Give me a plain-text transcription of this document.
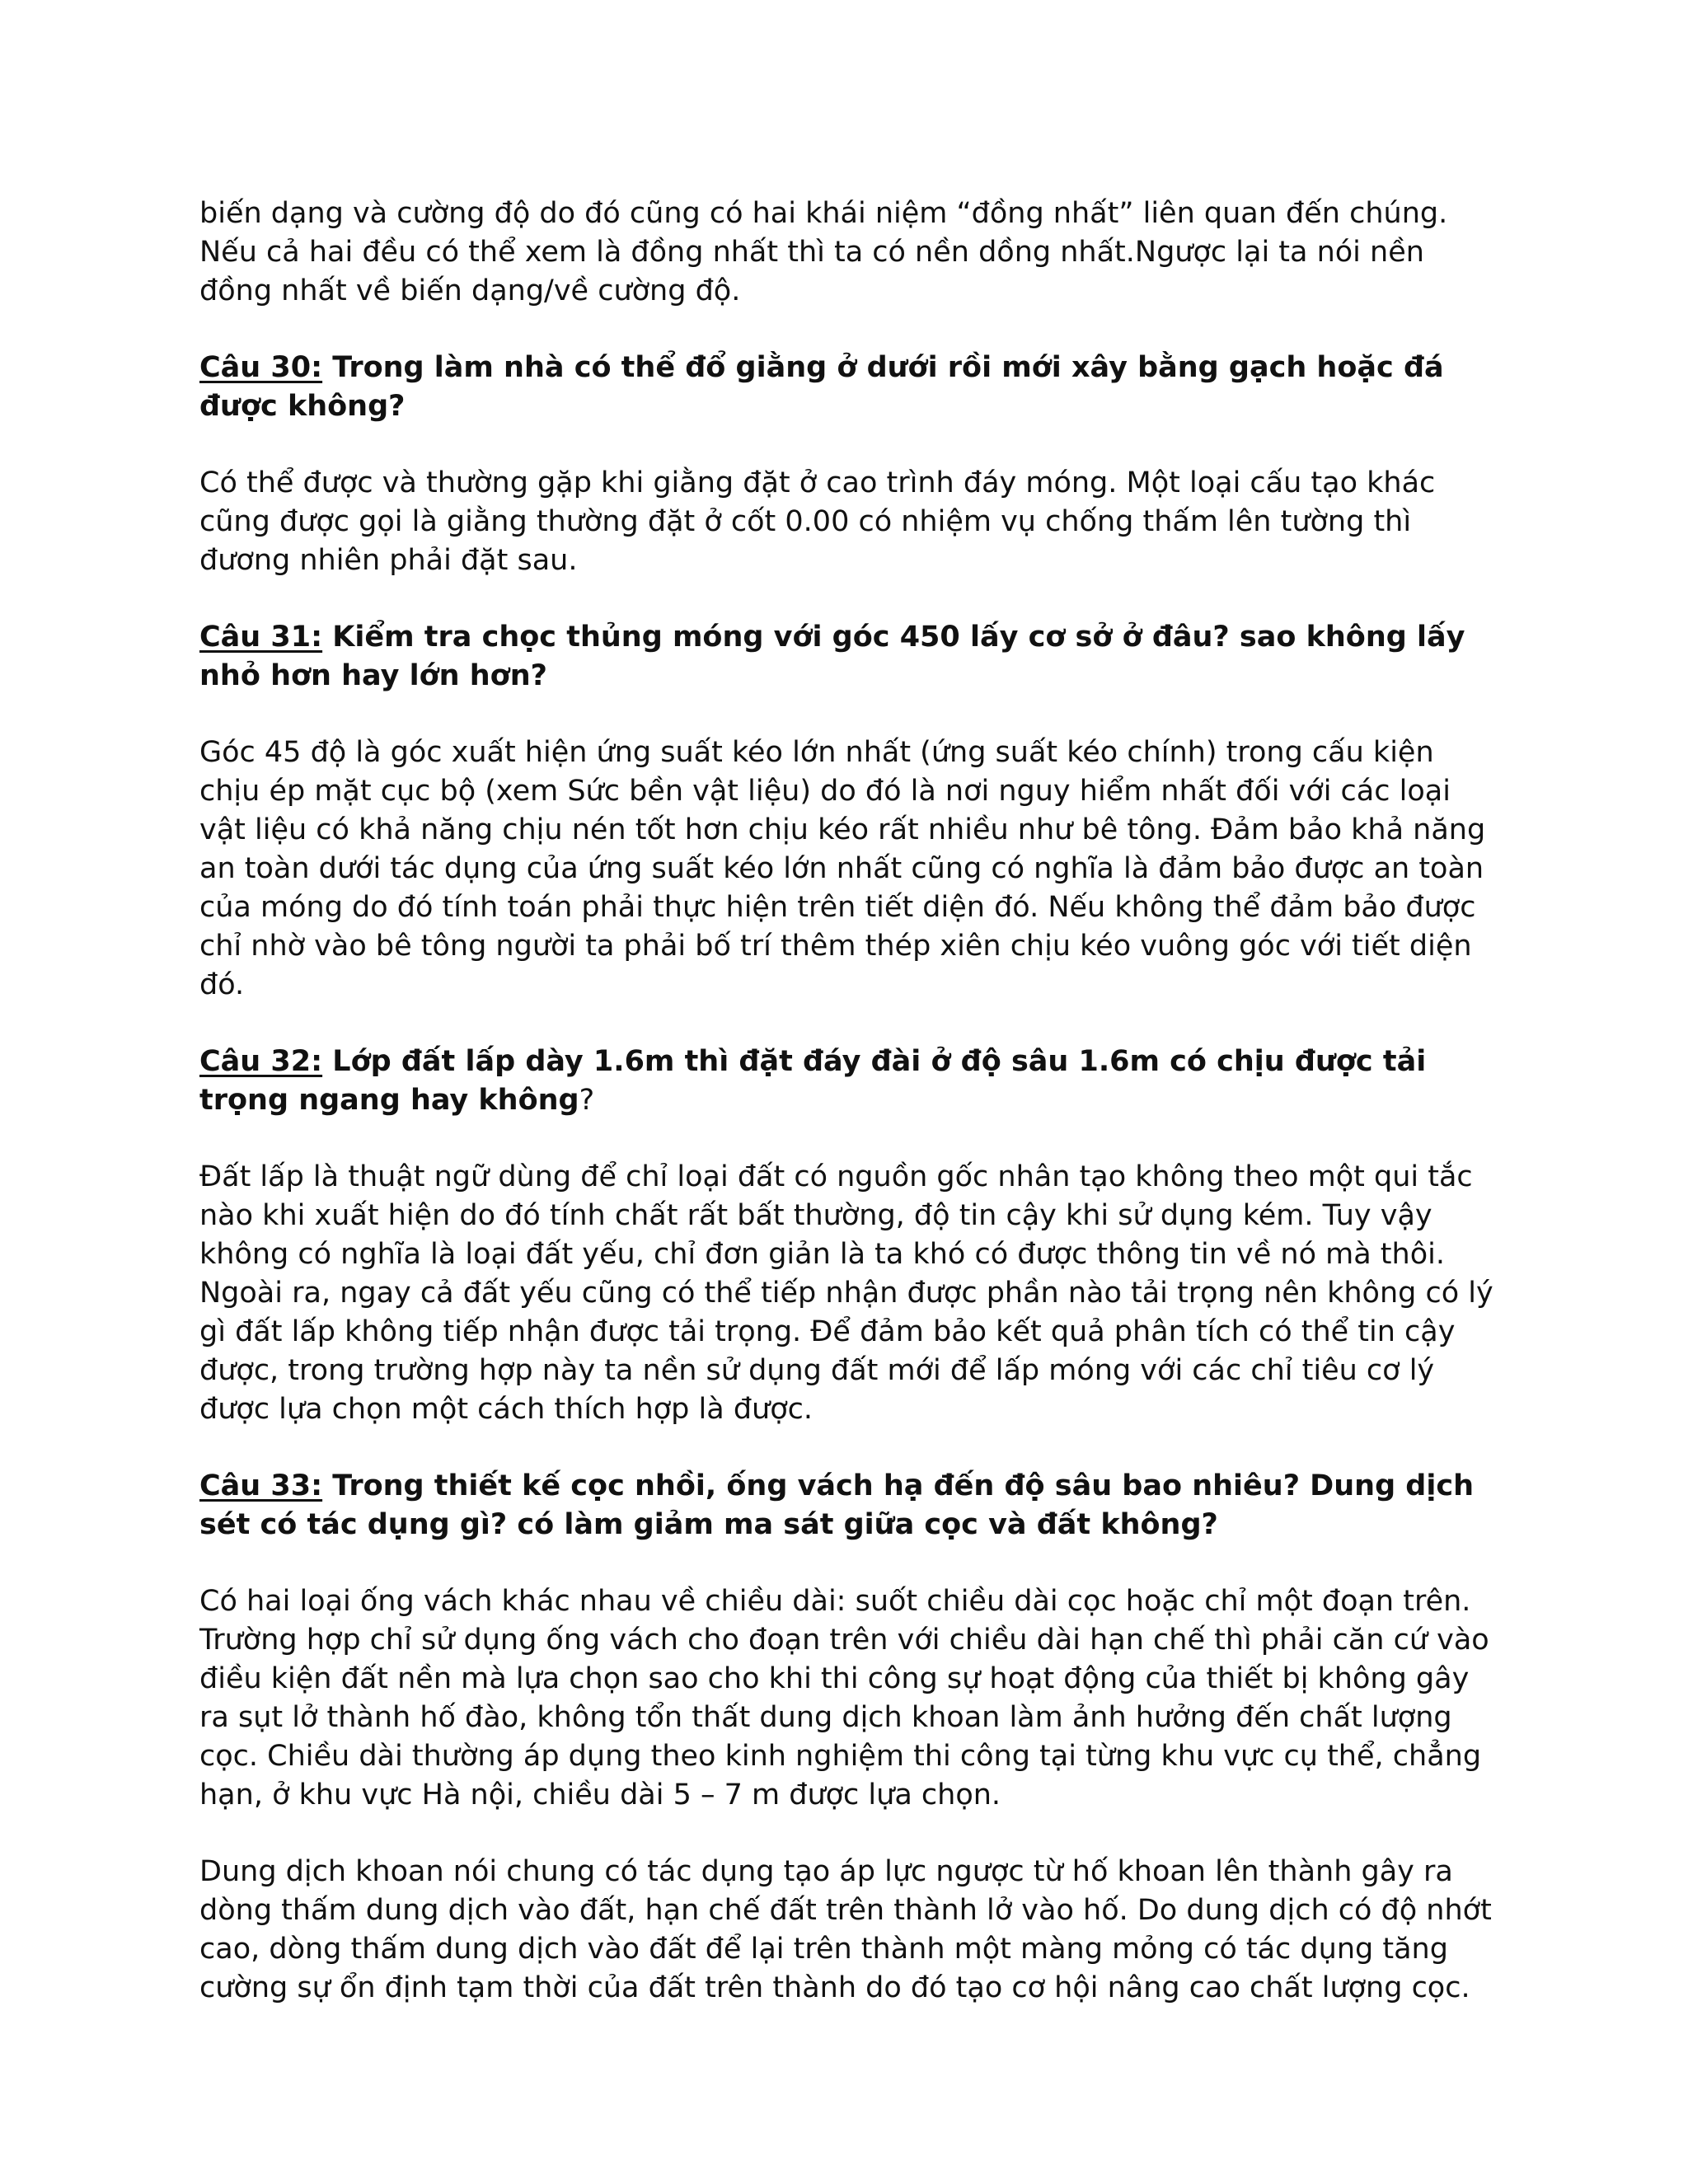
biến dạng và cường độ do đó cũng có hai khái niệm “đồng nhất” liên quan đến chúng. Nếu cả hai đều có thể xem là đồng nhất thì ta có nền dồng nhất.Ngược lại ta nói nền đồng nhất về biến dạng/về cường độ.

Câu 30: Trong làm nhà có thể đổ giằng ở dưới rồi mới xây bằng gạch hoặc đá được không?

Có thể được và thường gặp khi giằng đặt ở cao trình đáy móng. Một loại cấu tạo khác cũng được gọi là giằng thường đặt ở cốt 0.00 có nhiệm vụ chống thấm lên tường thì đương nhiên phải đặt sau.

Câu 31: Kiểm tra chọc thủng móng với góc 450 lấy cơ sở ở đâu? sao không lấy nhỏ hơn hay lớn hơn?

Góc 45 độ là góc xuất hiện ứng suất kéo lớn nhất (ứng suất kéo chính) trong cấu kiện chịu ép mặt cục bộ (xem Sức bền vật liệu) do đó là nơi nguy hiểm nhất đối với các loại vật liệu có khả năng chịu nén tốt hơn chịu kéo rất nhiều như bê tông. Đảm bảo khả năng an toàn dưới tác dụng của ứng suất kéo lớn nhất cũng có nghĩa là đảm bảo được an toàn của móng do đó tính toán phải thực hiện trên tiết diện đó. Nếu không thể đảm bảo được chỉ nhờ vào bê tông người ta phải bố trí thêm thép xiên chịu kéo vuông góc với tiết diện đó.

Câu 32: Lớp đất lấp dày 1.6m thì đặt đáy đài ở độ sâu 1.6m có chịu được tải trọng ngang hay không?

Đất lấp là thuật ngữ dùng để chỉ loại đất có nguồn gốc nhân tạo không theo một qui tắc nào khi xuất hiện do đó tính chất rất bất thường, độ tin cậy khi sử dụng kém. Tuy vậy không có nghĩa là loại đất yếu, chỉ đơn giản là ta khó có được thông tin về nó mà thôi. Ngoài ra, ngay cả đất yếu cũng có thể tiếp nhận được phần nào tải trọng nên không có lý gì đất lấp không tiếp nhận được tải trọng. Để đảm bảo kết quả phân tích có thể tin cậy được, trong trường hợp này ta nền sử dụng đất mới để lấp móng với các chỉ tiêu cơ lý được lựa chọn một cách thích hợp là được.

Câu 33: Trong thiết kế cọc nhồi, ống vách hạ đến độ sâu bao nhiêu? Dung dịch sét có tác dụng gì? có làm giảm ma sát giữa cọc và đất không?

Có hai loại ống vách khác nhau về chiều dài: suốt chiều dài cọc hoặc chỉ một đoạn trên. Trường hợp chỉ sử dụng ống vách cho đoạn trên với chiều dài hạn chế thì phải căn cứ vào điều kiện đất nền mà lựa chọn sao cho khi thi công sự hoạt động của thiết bị không gây ra sụt lở thành hố đào, không tổn thất dung dịch khoan làm ảnh hưởng đến chất lượng cọc. Chiều dài thường áp dụng theo kinh nghiệm thi công tại từng khu vực cụ thể, chẳng hạn, ở khu vực Hà nội, chiều dài 5 – 7 m được lựa chọn.

Dung dịch khoan nói chung có tác dụng tạo áp lực ngược từ hố khoan lên thành gây ra dòng thấm dung dịch vào đất, hạn chế đất trên thành lở vào hố. Do dung dịch có độ nhớt cao, dòng thấm dung dịch vào đất để lại trên thành một màng mỏng có tác dụng tăng cường sự ổn định tạm thời của đất trên thành do đó tạo cơ hội nâng cao chất lượng cọc.
